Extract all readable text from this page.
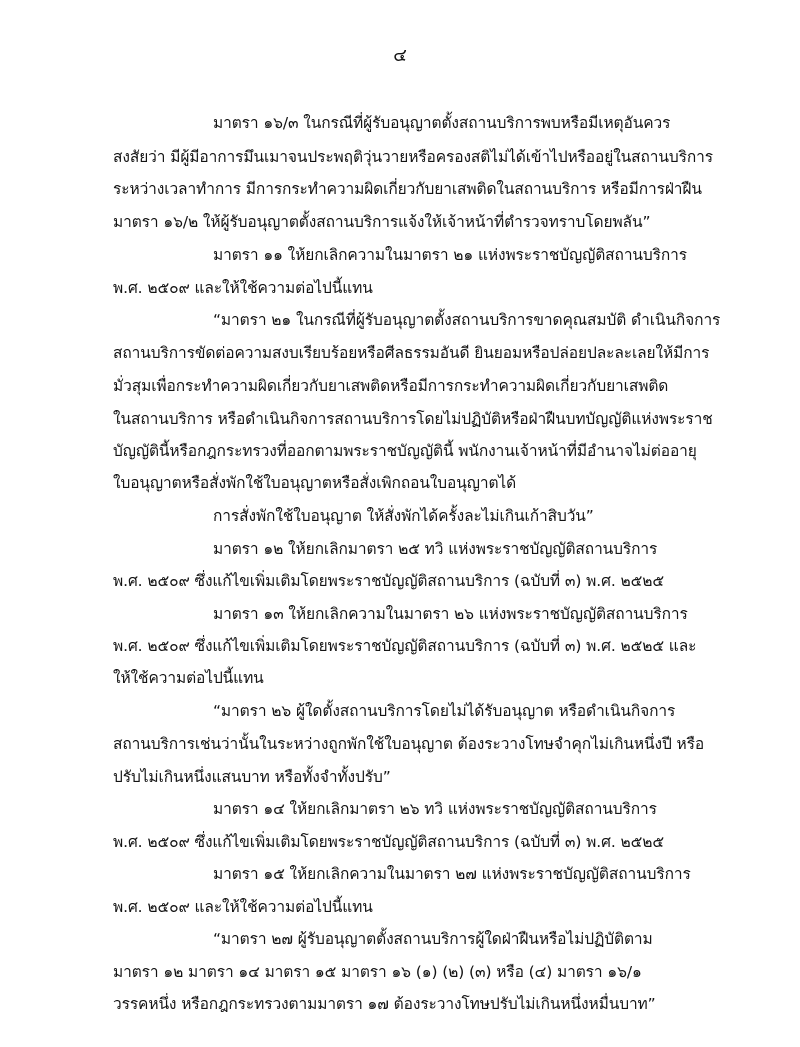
๔
มาตรา ๑๖/๓ ในกรณีที่ผู้รับอนุญาตตั้งสถานบริการพบหรือมีเหตุอันควร
สงสัยว่า มีผู้มีอาการมึนเมาจนประพฤติวุ่นวายหรือครองสติไม่ได้เข้าไปหรืออยู่ในสถานบริการ
ระหว่างเวลาทำการ มีการกระทำความผิดเกี่ยวกับยาเสพติดในสถานบริการ หรือมีการฝ่าฝืน
มาตรา ๑๖/๒ ให้ผู้รับอนุญาตตั้งสถานบริการแจ้งให้เจ้าหน้าที่ตำรวจทราบโดยพลัน”
มาตรา ๑๑ ให้ยกเลิกความในมาตรา ๒๑ แห่งพระราชบัญญัติสถานบริการ
พ.ศ. ๒๕๐๙ และให้ใช้ความต่อไปนี้แทน
“มาตรา ๒๑ ในกรณีที่ผู้รับอนุญาตตั้งสถานบริการขาดคุณสมบัติ ดำเนินกิจการ
สถานบริการขัดต่อความสงบเรียบร้อยหรือศีลธรรมอันดี ยินยอมหรือปล่อยปละละเลยให้มีการ
มั่วสุมเพื่อกระทำความผิดเกี่ยวกับยาเสพติดหรือมีการกระทำความผิดเกี่ยวกับยาเสพติด
ในสถานบริการ หรือดำเนินกิจการสถานบริการโดยไม่ปฏิบัติหรือฝ่าฝืนบทบัญญัติแห่งพระราช
บัญญัตินี้หรือกฎกระทรวงที่ออกตามพระราชบัญญัตินี้ พนักงานเจ้าหน้าที่มีอำนาจไม่ต่ออายุ
ใบอนุญาตหรือสั่งพักใช้ใบอนุญาตหรือสั่งเพิกถอนใบอนุญาตได้
การสั่งพักใช้ใบอนุญาต ให้สั่งพักได้ครั้งละไม่เกินเก้าสิบวัน”
มาตรา ๑๒ ให้ยกเลิกมาตรา ๒๕ ทวิ แห่งพระราชบัญญัติสถานบริการ
พ.ศ. ๒๕๐๙ ซึ่งแก้ไขเพิ่มเติมโดยพระราชบัญญัติสถานบริการ (ฉบับที่ ๓) พ.ศ. ๒๕๒๕
มาตรา ๑๓ ให้ยกเลิกความในมาตรา ๒๖ แห่งพระราชบัญญัติสถานบริการ
พ.ศ. ๒๕๐๙ ซึ่งแก้ไขเพิ่มเติมโดยพระราชบัญญัติสถานบริการ (ฉบับที่ ๓) พ.ศ. ๒๕๒๕ และ
ให้ใช้ความต่อไปนี้แทน
“มาตรา ๒๖ ผู้ใดตั้งสถานบริการโดยไม่ได้รับอนุญาต หรือดำเนินกิจการ
สถานบริการเช่นว่านั้นในระหว่างถูกพักใช้ใบอนุญาต ต้องระวางโทษจำคุกไม่เกินหนึ่งปี หรือ
ปรับไม่เกินหนึ่งแสนบาท หรือทั้งจำทั้งปรับ”
มาตรา ๑๔ ให้ยกเลิกมาตรา ๒๖ ทวิ แห่งพระราชบัญญัติสถานบริการ
พ.ศ. ๒๕๐๙ ซึ่งแก้ไขเพิ่มเติมโดยพระราชบัญญัติสถานบริการ (ฉบับที่ ๓) พ.ศ. ๒๕๒๕
มาตรา ๑๕ ให้ยกเลิกความในมาตรา ๒๗ แห่งพระราชบัญญัติสถานบริการ
พ.ศ. ๒๕๐๙ และให้ใช้ความต่อไปนี้แทน
“มาตรา ๒๗ ผู้รับอนุญาตตั้งสถานบริการผู้ใดฝ่าฝืนหรือไม่ปฏิบัติตาม
มาตรา ๑๒ มาตรา ๑๔ มาตรา ๑๕ มาตรา ๑๖ (๑) (๒) (๓) หรือ (๔) มาตรา ๑๖/๑
วรรคหนึ่ง หรือกฎกระทรวงตามมาตรา ๑๗ ต้องระวางโทษปรับไม่เกินหนึ่งหมื่นบาท”
